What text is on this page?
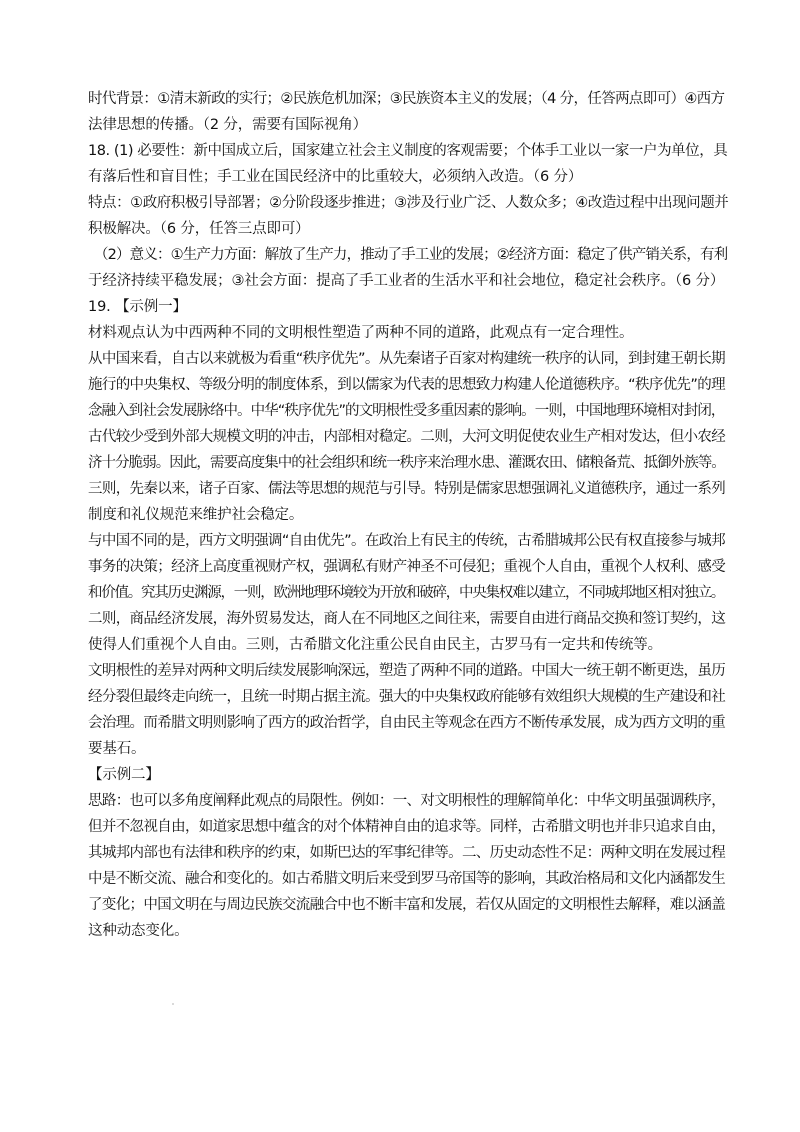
时代背景：①清末新政的实行；②民族危机加深；③民族资本主义的发展；（4 分，任答两点即可）④西方
法律思想的传播。（2 分，需要有国际视角）
18. (1) 必要性：新中国成立后，国家建立社会主义制度的客观需要；个体手工业以一家一户为单位，具
有落后性和盲目性；手工业在国民经济中的比重较大，必须纳入改造。（6 分）
特点：①政府积极引导部署；②分阶段逐步推进；③涉及行业广泛、人数众多；④改造过程中出现问题并
积极解决。（6 分，任答三点即可）
（2）意义：①生产力方面：解放了生产力，推动了手工业的发展；②经济方面：稳定了供产销关系，有利
于经济持续平稳发展；③社会方面：提高了手工业者的生活水平和社会地位，稳定社会秩序。（6 分）
19. 【示例一】
材料观点认为中西两种不同的文明根性塑造了两种不同的道路，此观点有一定合理性。
从中国来看，自古以来就极为看重“秩序优先”。从先秦诸子百家对构建统一秩序的认同，到封建王朝长期
施行的中央集权、等级分明的制度体系，到以儒家为代表的思想致力构建人伦道德秩序。“秩序优先”的理
念融入到社会发展脉络中。中华“秩序优先”的文明根性受多重因素的影响。一则，中国地理环境相对封闭，
古代较少受到外部大规模文明的冲击，内部相对稳定。二则，大河文明促使农业生产相对发达，但小农经
济十分脆弱。因此，需要高度集中的社会组织和统一秩序来治理水患、灌溉农田、储粮备荒、抵御外族等。
三则，先秦以来，诸子百家、儒法等思想的规范与引导。特别是儒家思想强调礼义道德秩序，通过一系列
制度和礼仪规范来维护社会稳定。
与中国不同的是，西方文明强调“自由优先”。在政治上有民主的传统，古希腊城邦公民有权直接参与城邦
事务的决策；经济上高度重视财产权，强调私有财产神圣不可侵犯；重视个人自由，重视个人权利、感受
和价值。究其历史渊源，一则，欧洲地理环境较为开放和破碎，中央集权难以建立，不同城邦地区相对独立。
二则，商品经济发展，海外贸易发达，商人在不同地区之间往来，需要自由进行商品交换和签订契约，这
使得人们重视个人自由。三则，古希腊文化注重公民自由民主，古罗马有一定共和传统等。
文明根性的差异对两种文明后续发展影响深远，塑造了两种不同的道路。中国大一统王朝不断更迭，虽历
经分裂但最终走向统一，且统一时期占据主流。强大的中央集权政府能够有效组织大规模的生产建设和社
会治理。而希腊文明则影响了西方的政治哲学，自由民主等观念在西方不断传承发展，成为西方文明的重
要基石。
【示例二】
思路：也可以多角度阐释此观点的局限性。例如：一、对文明根性的理解简单化：中华文明虽强调秩序，
但并不忽视自由，如道家思想中蕴含的对个体精神自由的追求等。同样，古希腊文明也并非只追求自由，
其城邦内部也有法律和秩序的约束，如斯巴达的军事纪律等。二、历史动态性不足：两种文明在发展过程
中是不断交流、融合和变化的。如古希腊文明后来受到罗马帝国等的影响，其政治格局和文化内涵都发生
了变化；中国文明在与周边民族交流融合中也不断丰富和发展，若仅从固定的文明根性去解释，难以涵盖
这种动态变化。
